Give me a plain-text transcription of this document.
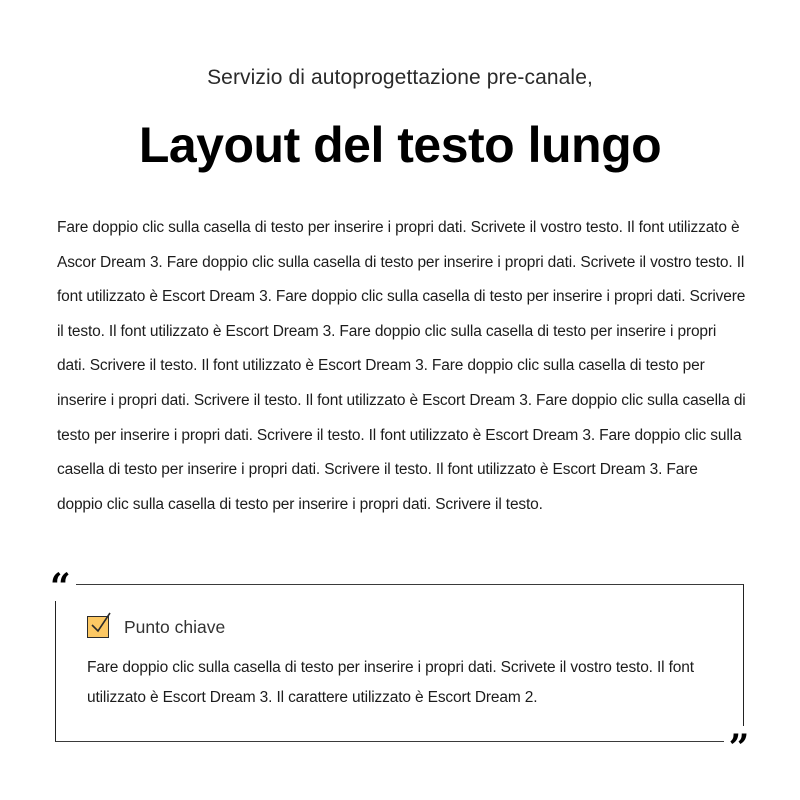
Servizio di autoprogettazione pre-canale,
Layout del testo lungo

Fare doppio clic sulla casella di testo per inserire i propri dati. Scrivete il vostro testo. Il font utilizzato è Ascor Dream 3. Fare doppio clic sulla casella di testo per inserire i propri dati. Scrivete il vostro testo. Il font utilizzato è Escort Dream 3. Fare doppio clic sulla casella di testo per inserire i propri dati. Scrivere il testo. Il font utilizzato è Escort Dream 3. Fare doppio clic sulla casella di testo per inserire i propri dati. Scrivere il testo. Il font utilizzato è Escort Dream 3. Fare doppio clic sulla casella di testo per inserire i propri dati. Scrivere il testo. Il font utilizzato è Escort Dream 3. Fare doppio clic sulla casella di testo per inserire i propri dati. Scrivere il testo. Il font utilizzato è Escort Dream 3. Fare doppio clic sulla casella di testo per inserire i propri dati. Scrivere il testo. Il font utilizzato è Escort Dream 3. Fare doppio clic sulla casella di testo per inserire i propri dati. Scrivere il testo.

“
”
Punto chiave

Fare doppio clic sulla casella di testo per inserire i propri dati. Scrivete il vostro testo. Il font utilizzato è Escort Dream 3. Il carattere utilizzato è Escort Dream 2.
